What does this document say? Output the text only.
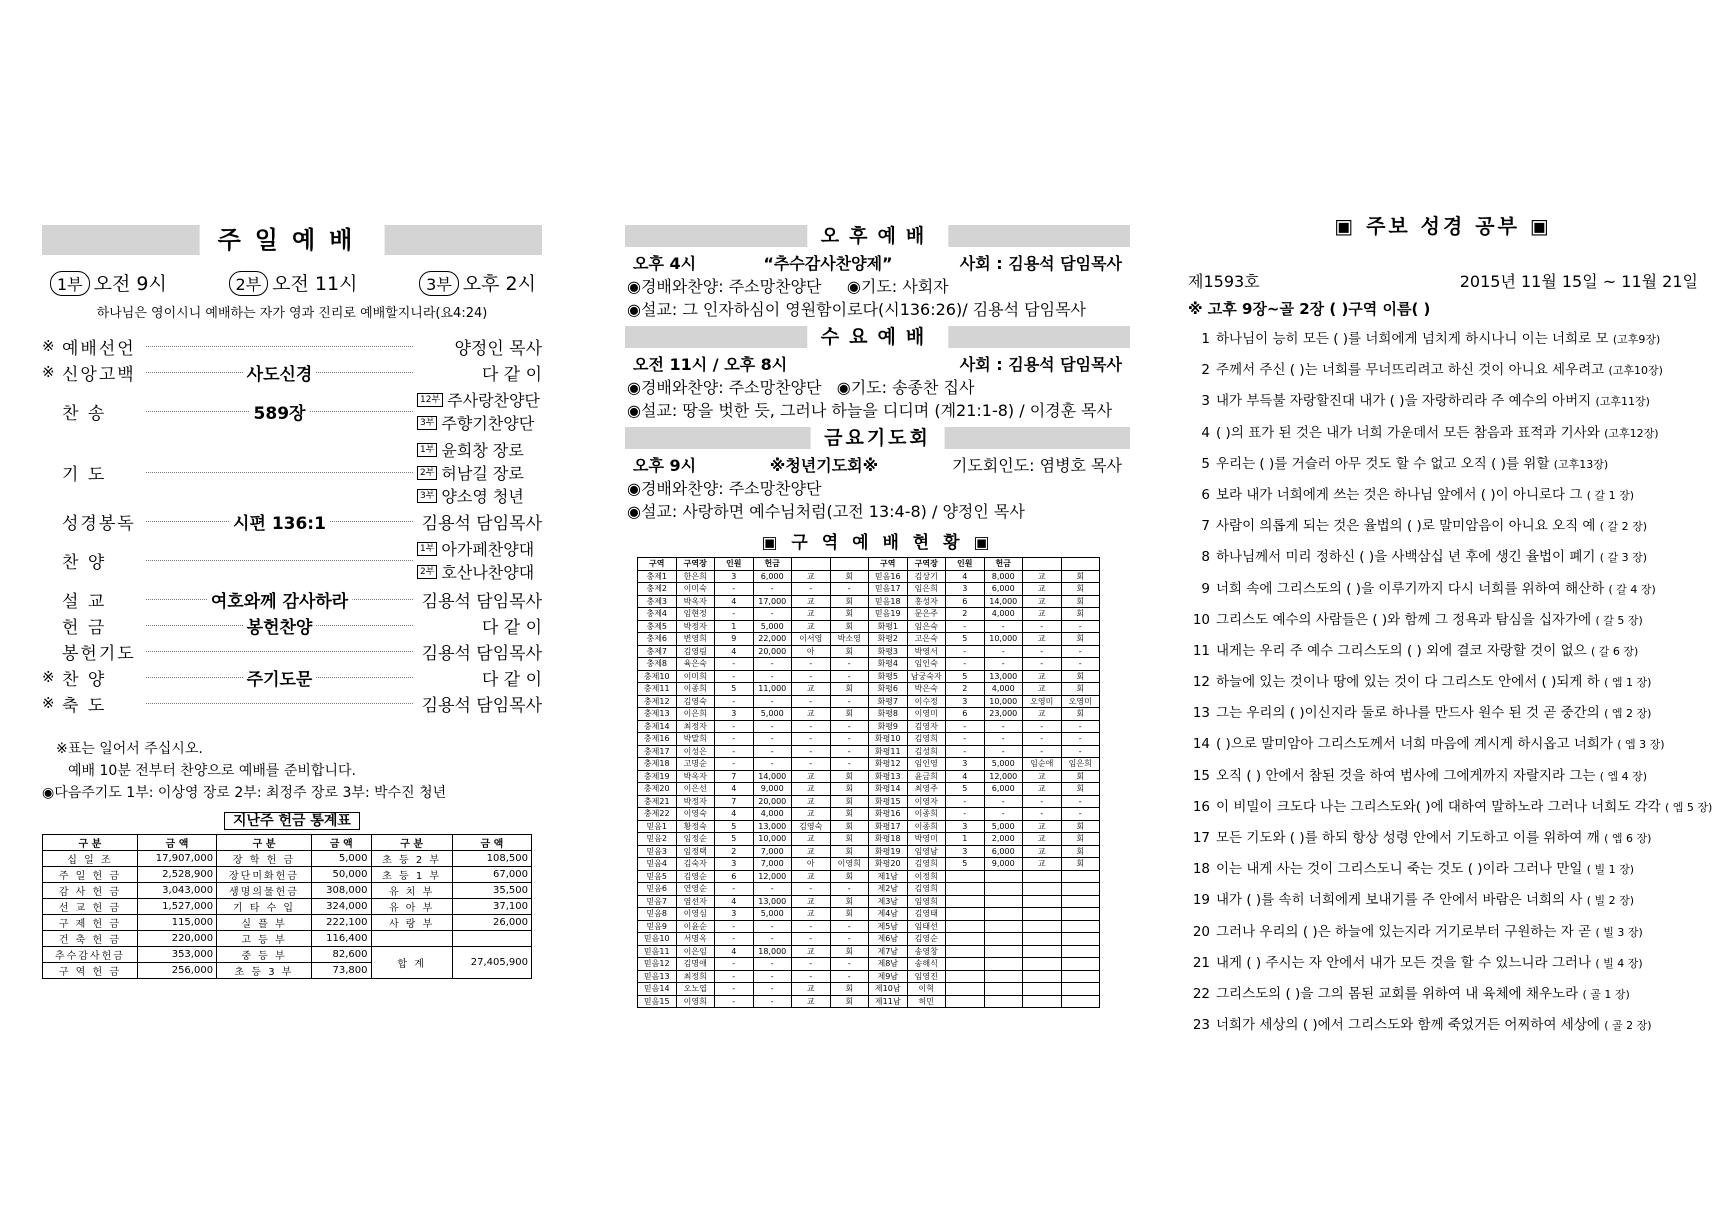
주일예배
1부 오전 9시	2부 오전 11시	3부 오후 2시
하나님은 영이시니 예배하는 자가 영과 진리로 예배할지니라(요4:24)
※ 예배선언	양정인 목사
※ 신앙고백	사도신경	다 같 이
찬 송	589장
12부 주사랑찬양단
3부 주향기찬양단
기 도
1부 윤희창 장로
2부 허남길 장로
3부 양소영 청년
성경봉독	시편 136:1	김용석 담임목사
찬 양
1부 아가페찬양대
2부 호산나찬양대
설 교	여호와께 감사하라	김용석 담임목사
헌 금	봉헌찬양	다 같 이
봉헌기도	김용석 담임목사
※ 찬 양	주기도문	다 같 이
※ 축 도	김용석 담임목사
※표는 일어서 주십시오.
예배 10분 전부터 찬양으로 예배를 준비합니다.
◉다음주기도 1부: 이상영 장로 2부: 최정주 장로 3부: 박수진 청년
지난주 헌금 통계표
구 분	금 액	구 분	금 액	구 분	금 액
십 일 조	17,907,000	장 학 헌 금	5,000	초 등 2 부	108,500
주 일 헌 금	2,528,900	장단미화헌금	50,000	초 등 1 부	67,000
감 사 헌 금	3,043,000	생명의물헌금	308,000	유 치 부	35,500
선 교 헌 금	1,527,000	기 타 수 입	324,000	유 아 부	37,100
구 제 헌 금	115,000	실 플 부	222,100	사 랑 부	26,000
건 축 헌 금	220,000	고 등 부	116,400		
추수감사헌금	353,000	중 등 부	82,600	합 계	27,405,900
구 역 헌 금	256,000	초 등 3 부	73,800		
오후예배
오후 4시	“추수감사찬양제”	사회 : 김용석 담임목사
◉경배와찬양: 주소망찬양단 ◉기도: 사회자
◉설교: 그 인자하심이 영원함이로다(시136:26)/ 김용석 담임목사
수요예배
오전 11시 / 오후 8시	사회 : 김용석 담임목사
◉경배와찬양: 주소망찬양단 ◉기도: 송종찬 집사
◉설교: 땅을 벗한 듯, 그러나 하늘을 디디며 (계21:1-8) / 이경훈 목사
금요기도회
오후 9시	※청년기도회※	기도회인도: 염병호 목사
◉경배와찬양: 주소망찬양단
◉설교: 사랑하면 예수님처럼(고전 13:4-8) / 양정인 목사
▣ 구 역 예 배 현 황 ▣
구역	구역장	인원	헌금			구역	구역장	인원	헌금		
충제1	한은희	3	6,000	교	회	믿음16	김상기	4	8,000	교	회
충제2	이미숙	-	-	-	-	믿음17	임은희	3	6,000	교	회
충제3	박옥자	4	17,000	교	회	믿음18	홍성자	6	14,000	교	회
충제4	임현정	-	-	교	회	믿음19	문은주	2	4,000	교	회
충제5	박정자	1	5,000	교	회	화평1	임은숙	-	-	-	-
충제6	변영희	9	22,000	이서영	박소영	화평2	고은숙	5	10,000	교	회
충제7	김영림	4	20,000	아	회	화평3	박영서	-	-	-	-
충제8	육은숙	-	-	-	-	화평4	임인숙	-	-	-	-
충제10	이미희	-	-	-	-	화평5	남궁숙자	5	13,000	교	회
충제11	이종희	5	11,000	교	회	화평6	박은숙	2	4,000	교	회
충제12	김영숙	-	-	-	-	화평7	이수정	3	10,000	오영미	오영미
충제13	이은희	3	5,000	교	회	화평8	이영미	6	23,000	교	회
충제14	최정자	-	-	-	-	화평9	김영자	-	-	-	-
충제16	박말희	-	-	-	-	화평10	김영희	-	-	-	-
충제17	이성은	-	-	-	-	화평11	김성희	-	-	-	-
충제18	고명순	-	-	-	-	화평12	임인영	3	5,000	임순애	임은희
충제19	박옥자	7	14,000	교	회	화평13	윤금희	4	12,000	교	회
충제20	이은선	4	9,000	교	회	화평14	최영주	5	6,000	교	회
충제21	박정자	7	20,000	교	회	화평15	이영자	-	-	-	-
충제22	이영숙	4	4,000	교	회	화평16	이종희	-	-	-	-
믿음1	황정숙	5	13,000	김영숙	회	화평17	이종희	3	5,000	교	회
믿음2	임정순	5	10,000	교	회	화평18	박영미	1	2,000	교	회
믿음3	임정택	2	7,000	교	회	화평19	임영남	3	6,000	교	회
믿음4	김숙자	3	7,000	아	이영희	화평20	김영희	5	9,000	교	회
믿음5	김영순	6	12,000	교	회	제1남	이정희				
믿음6	연영순	-	-	-	-	제2남	김영희				
믿음7	염선자	4	13,000	교	회	제3남	임영희				
믿음8	이영심	3	5,000	교	회	제4남	김영태				
믿음9	이윤순	-	-	-	-	제5남	임태선				
믿음10	서명옥	-	-	-	-	제6남	김영순				
믿음11	이은임	4	18,000	교	회	제7남	송영창				
믿음12	김명애	-	-	-	-	제8남	송해식				
믿음13	최정희	-	-	-	-	제9남	임영진				
믿음14	오노엽	-	-	교	회	제10남	이혁				
믿음15	이영희	-	-	교	회	제11남	허민				
▣ 주보 성경 공부 ▣
제1593호	2015년 11월 15일 ~ 11월 21일
※ 고후 9장~골 2장 ( )구역 이름( )
1 하나님이 능히 모든 ( )를 너희에게 넘치게 하시나니 이는 너희로 모 (고후9장)
2 주께서 주신 ( )는 너희를 무너뜨리려고 하신 것이 아니요 세우려고 (고후10장)
3 내가 부득불 자랑할진대 내가 ( )을 자랑하리라 주 예수의 아버지 (고후11장)
4 ( )의 표가 된 것은 내가 너희 가운데서 모든 참음과 표적과 기사와 (고후12장)
5 우리는 ( )를 거슬러 아무 것도 할 수 없고 오직 ( )를 위할 (고후13장)
6 보라 내가 너희에게 쓰는 것은 하나님 앞에서 ( )이 아니로다 그 ( 갈 1 장)
7 사람이 의롭게 되는 것은 율법의 ( )로 말미암음이 아니요 오직 예 ( 갈 2 장)
8 하나님께서 미리 정하신 ( )을 사백삼십 년 후에 생긴 율법이 폐기 ( 갈 3 장)
9 너희 속에 그리스도의 ( )을 이루기까지 다시 너희를 위하여 해산하 ( 갈 4 장)
10 그리스도 예수의 사람들은 ( )와 함께 그 정욕과 탐심을 십자가에 ( 갈 5 장)
11 내게는 우리 주 예수 그리스도의 ( ) 외에 결코 자랑할 것이 없으 ( 갈 6 장)
12 하늘에 있는 것이나 땅에 있는 것이 다 그리스도 안에서 ( )되게 하 ( 엡 1 장)
13 그는 우리의 ( )이신지라 둘로 하나를 만드사 원수 된 것 곧 중간의 ( 엡 2 장)
14 ( )으로 말미암아 그리스도께서 너희 마음에 계시게 하시옵고 너희가 ( 엡 3 장)
15 오직 ( ) 안에서 참된 것을 하여 범사에 그에게까지 자랄지라 그는 ( 엡 4 장)
16 이 비밀이 크도다 나는 그리스도와( )에 대하여 말하노라 그러나 너희도 각각 ( 엡 5 장)
17 모든 기도와 ( )를 하되 항상 성령 안에서 기도하고 이를 위하여 깨 ( 엡 6 장)
18 이는 내게 사는 것이 그리스도니 죽는 것도 ( )이라 그러나 만일 ( 빌 1 장)
19 내가 ( )를 속히 너희에게 보내기를 주 안에서 바람은 너희의 사 ( 빌 2 장)
20 그러나 우리의 ( )은 하늘에 있는지라 거기로부터 구원하는 자 곧 ( 빌 3 장)
21 내게 ( ) 주시는 자 안에서 내가 모든 것을 할 수 있느니라 그러나 ( 빌 4 장)
22 그리스도의 ( )을 그의 몸된 교회를 위하여 내 육체에 채우노라 ( 골 1 장)
23 너희가 세상의 ( )에서 그리스도와 함께 죽었거든 어찌하여 세상에 ( 골 2 장)
